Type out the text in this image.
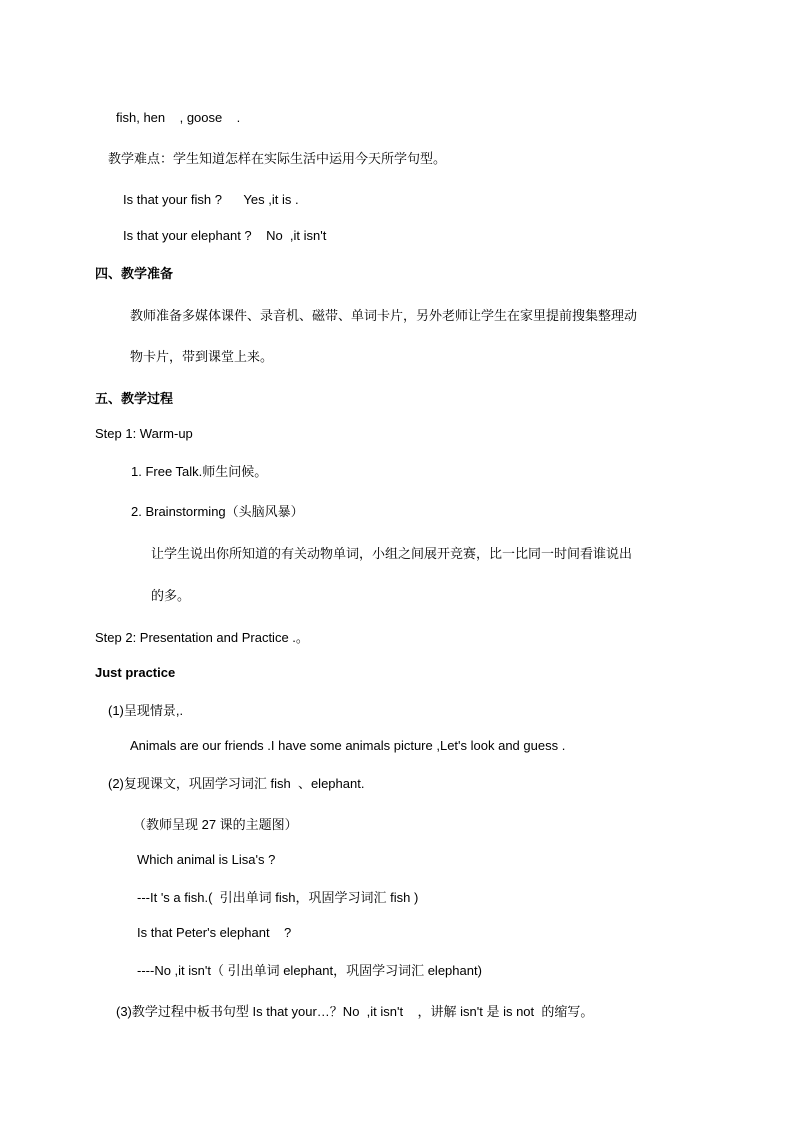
fish, hen    , goose    .
教学难点：学生知道怎样在实际生活中运用今天所学句型。
Is that your fish ?      Yes ,it is .
Is that your elephant ?    No  ,it isn't
四、教学准备
教师准备多媒体课件、录音机、磁带、单词卡片，另外老师让学生在家里提前搜集整理动
物卡片，带到课堂上来。
五、教学过程
Step 1: Warm-up
1. Free Talk.师生问候。
2. Brainstorming（头脑风暴）
让学生说出你所知道的有关动物单词，小组之间展开竞赛，比一比同一时间看谁说出
的多。
Step 2: Presentation and Practice .。
Just practice
(1)呈现情景,.
Animals are our friends .I have some animals picture ,Let's look and guess .
(2)复现课文，巩固学习词汇 fish  、elephant.
（教师呈现 27 课的主题图）
Which animal is Lisa's ?
---It 's a fish.(  引出单词 fish，巩固学习词汇 fish )
Is that Peter's elephant    ?
----No ,it isn't（ 引出单词 elephant，巩固学习词汇 elephant)
(3)教学过程中板书句型 Is that your…？No  ,it isn't    ，讲解 isn't 是 is not  的缩写。
